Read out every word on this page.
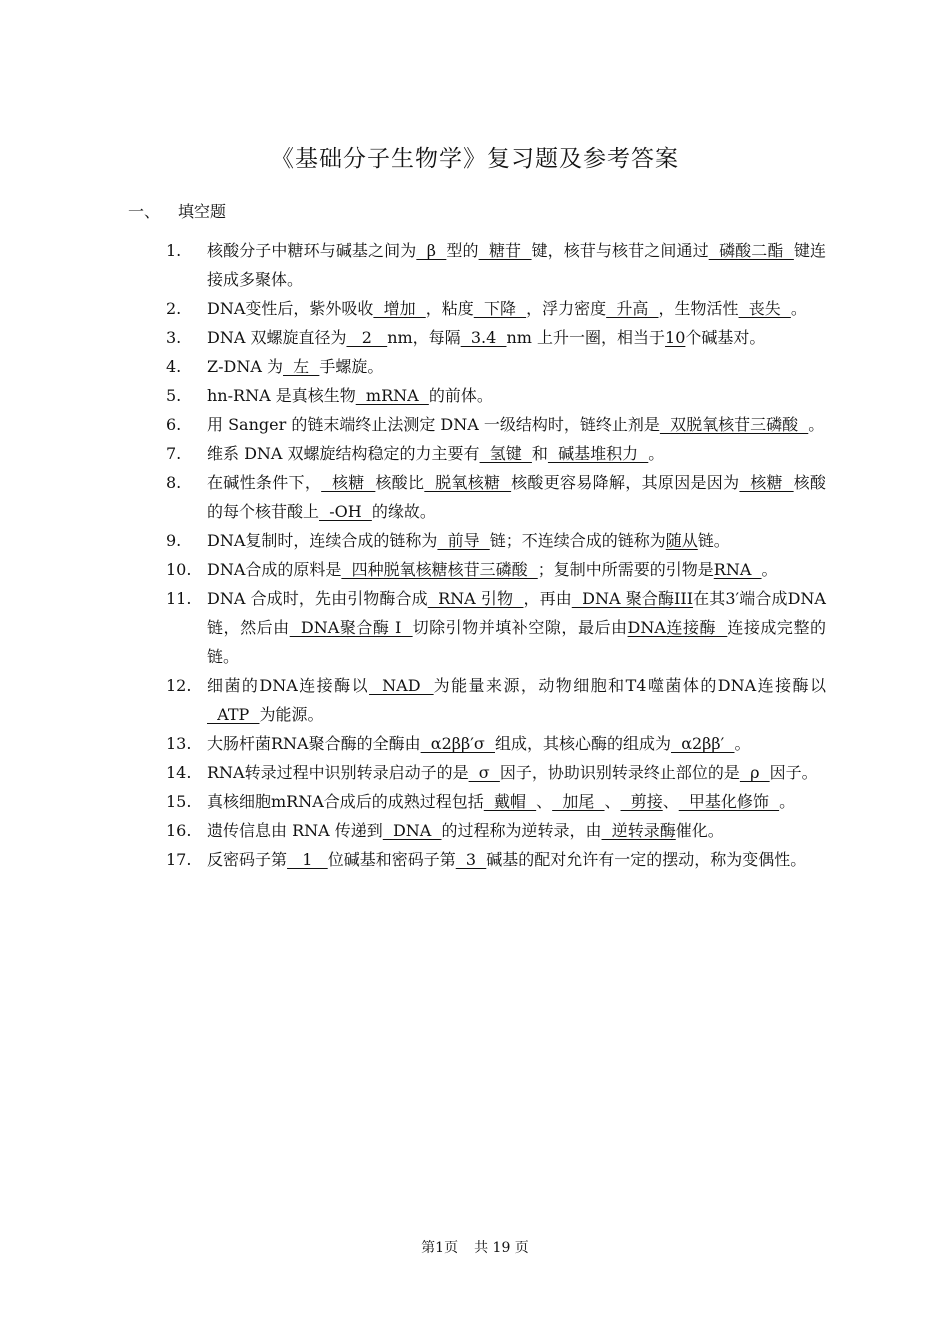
《基础分子生物学》复习题及参考答案
一、 填空题
1.	核酸分子中糖环与碱基之间为  β  型的  糖苷  键，核苷与核苷之间通过  磷酸二酯  键连接成多聚体。
2.	DNA变性后，紫外吸收  增加  ，粘度  下降  ，浮力密度  升高  ，生物活性  丧失  。
3.	DNA 双螺旋直径为   2   nm，每隔  3.4  nm 上升一圈，相当于10个碱基对。
4.	Z-DNA 为  左  手螺旋。
5.	hn-RNA 是真核生物  mRNA  的前体。
6.	用 Sanger 的链末端终止法测定 DNA 一级结构时，链终止剂是  双脱氧核苷三磷酸  。
7.	维系 DNA 双螺旋结构稳定的力主要有  氢键  和  碱基堆积力  。
8.	在碱性条件下，  核糖  核酸比  脱氧核糖  核酸更容易降解，其原因是因为  核糖  核酸的每个核苷酸上  -OH  的缘故。
9.	DNA复制时，连续合成的链称为  前导  链；不连续合成的链称为随从链。
10. DNA合成的原料是  四种脱氧核糖核苷三磷酸  ；复制中所需要的引物是RNA  。
11. DNA 合成时，先由引物酶合成  RNA 引物  ，再由  DNA 聚合酶III在其3′端合成DNA链，然后由  DNA聚合酶 I  切除引物并填补空隙，最后由DNA连接酶  连接成完整的链。
12. 细菌的DNA连接酶以  NAD  为能量来源，动物细胞和T4噬菌体的DNA连接酶以  ATP  为能源。
13. 大肠杆菌RNA聚合酶的全酶由  α2ββ′σ  组成，其核心酶的组成为  α2ββ′  。
14. RNA转录过程中识别转录启动子的是  σ  因子，协助识别转录终止部位的是  ρ  因子。
15. 真核细胞mRNA合成后的成熟过程包括  戴帽  、  加尾  、  剪接、  甲基化修饰  。
16. 遗传信息由 RNA 传递到  DNA  的过程称为逆转录，由  逆转录酶催化。
17. 反密码子第   1   位碱基和密码子第  3  碱基的配对允许有一定的摆动，称为变偶性。
第1页 共 19 页
